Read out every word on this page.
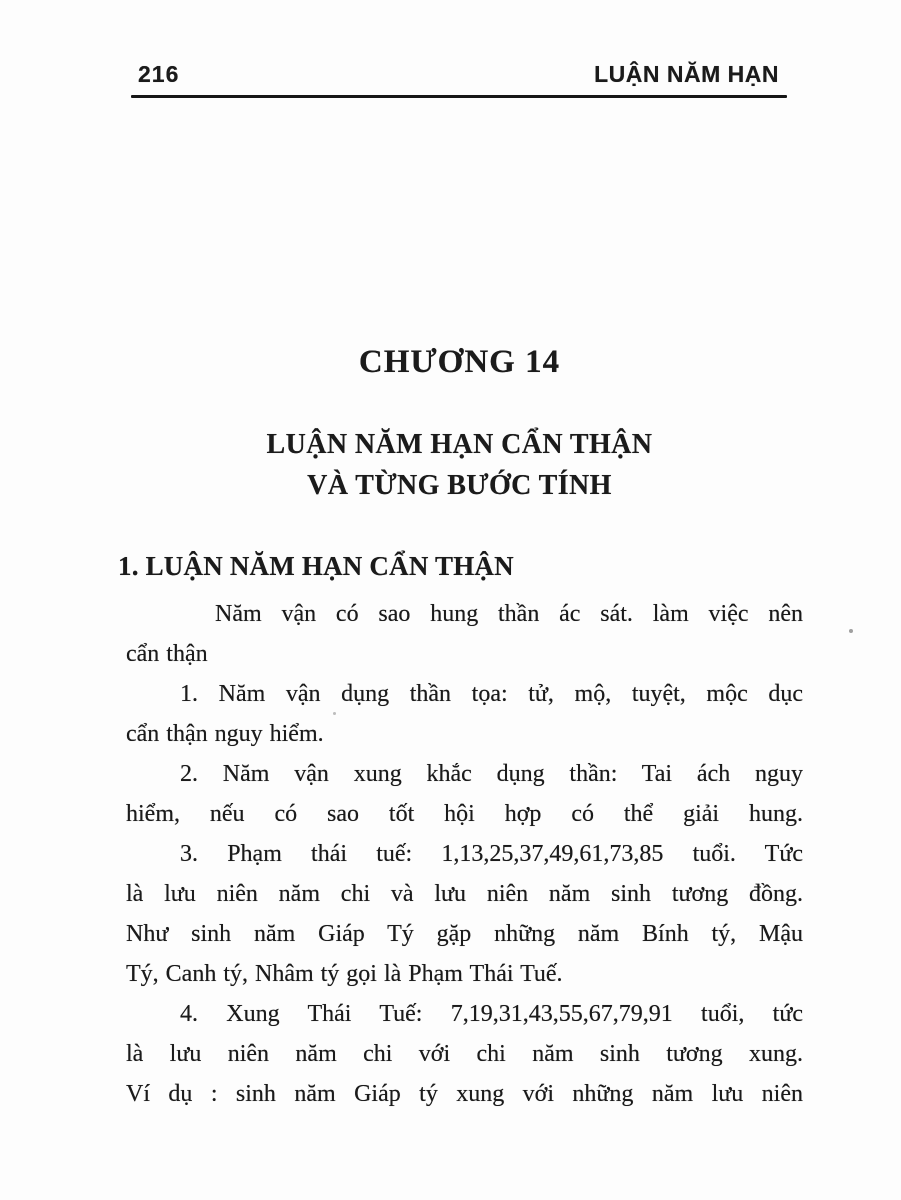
216	LUẬN NĂM HẠN
CHƯƠNG 14
LUẬN NĂM HẠN CẨN THẬN
VÀ TỪNG BƯỚC TÍNH
1. LUẬN NĂM HẠN CẨN THẬN
Năm vận có sao hung thần ác sát. làm việc nên
cẩn thận
1. Năm vận dụng thần tọa: tử, mộ, tuyệt, mộc dục
cẩn thận nguy hiểm.
2. Năm vận xung khắc dụng thần: Tai ách nguy
hiểm, nếu có sao tốt hội hợp có thể giải hung.
3. Phạm thái tuế: 1,13,25,37,49,61,73,85 tuổi. Tức
là lưu niên năm chi và lưu niên năm sinh tương đồng.
Như sinh năm Giáp Tý gặp những năm Bính tý, Mậu
Tý, Canh tý, Nhâm tý gọi là Phạm Thái Tuế.
4. Xung Thái Tuế: 7,19,31,43,55,67,79,91 tuổi, tức
là lưu niên năm chi với chi năm sinh tương xung.
Ví dụ : sinh năm Giáp tý xung với những năm lưu niên
